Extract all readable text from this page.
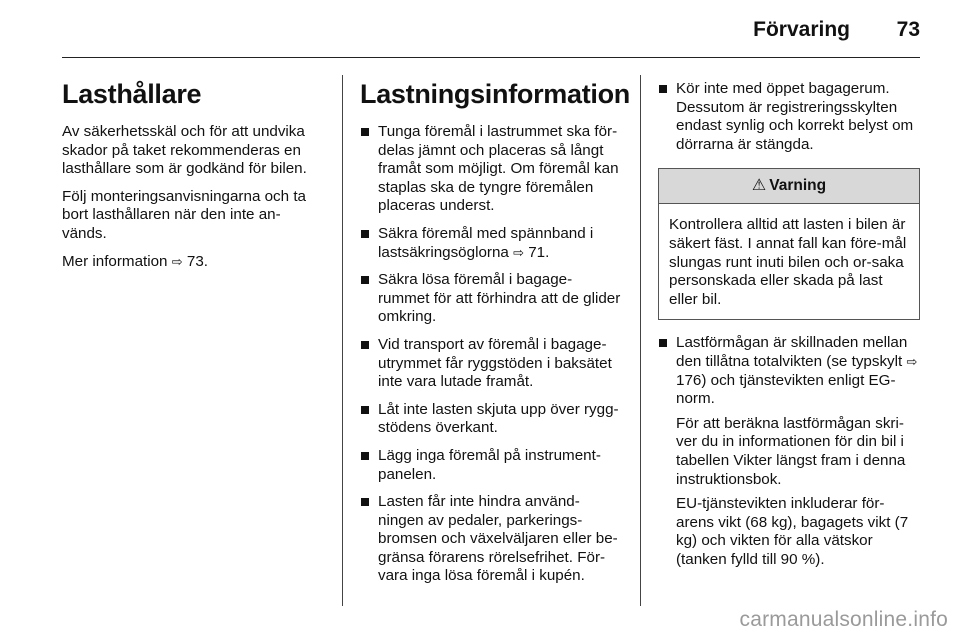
Förvaring	73
Lasthållare

Av säkerhetsskäl och för att undvika skador på taket rekommenderas en lasthållare som är godkänd för bilen.

Följ monteringsanvisningarna och ta bort lasthållaren när den inte an-vänds.

Mer information ⇨ 73.

Lastningsinformation
Tunga föremål i lastrummet ska för-delas jämnt och placeras så långt framåt som möjligt. Om föremål kan staplas ska de tyngre föremålen placeras underst.
Säkra föremål med spännband i lastsäkringsöglorna ⇨ 71.
Säkra lösa föremål i bagage-rummet för att förhindra att de glider omkring.
Vid transport av föremål i bagage-utrymmet får ryggstöden i baksätet inte vara lutade framåt.
Låt inte lasten skjuta upp över rygg-stödens överkant.
Lägg inga föremål på instrument-panelen.
Lasten får inte hindra använd-ningen av pedaler, parkerings-bromsen och växelväljaren eller be-gränsa förarens rörelsefrihet. För-vara inga lösa föremål i kupén.
Kör inte med öppet bagagerum. Dessutom är registreringsskylten endast synlig och korrekt belyst om dörrarna är stängda.
⚠ Varning
Kontrollera alltid att lasten i bilen är säkert fäst. I annat fall kan före-mål slungas runt inuti bilen och or-saka personskada eller skada på last eller bil.
Lastförmågan är skillnaden mellan den tillåtna totalvikten (se typskylt ⇨ 176) och tjänstevikten enligt EG-norm.

För att beräkna lastförmågan skri-ver du in informationen för din bil i tabellen Vikter längst fram i denna instruktionsbok.

EU-tjänstevikten inkluderar för-arens vikt (68 kg), bagagets vikt (7 kg) och vikten för alla vätskor (tanken fylld till 90 %).

carmanualsonline.info
